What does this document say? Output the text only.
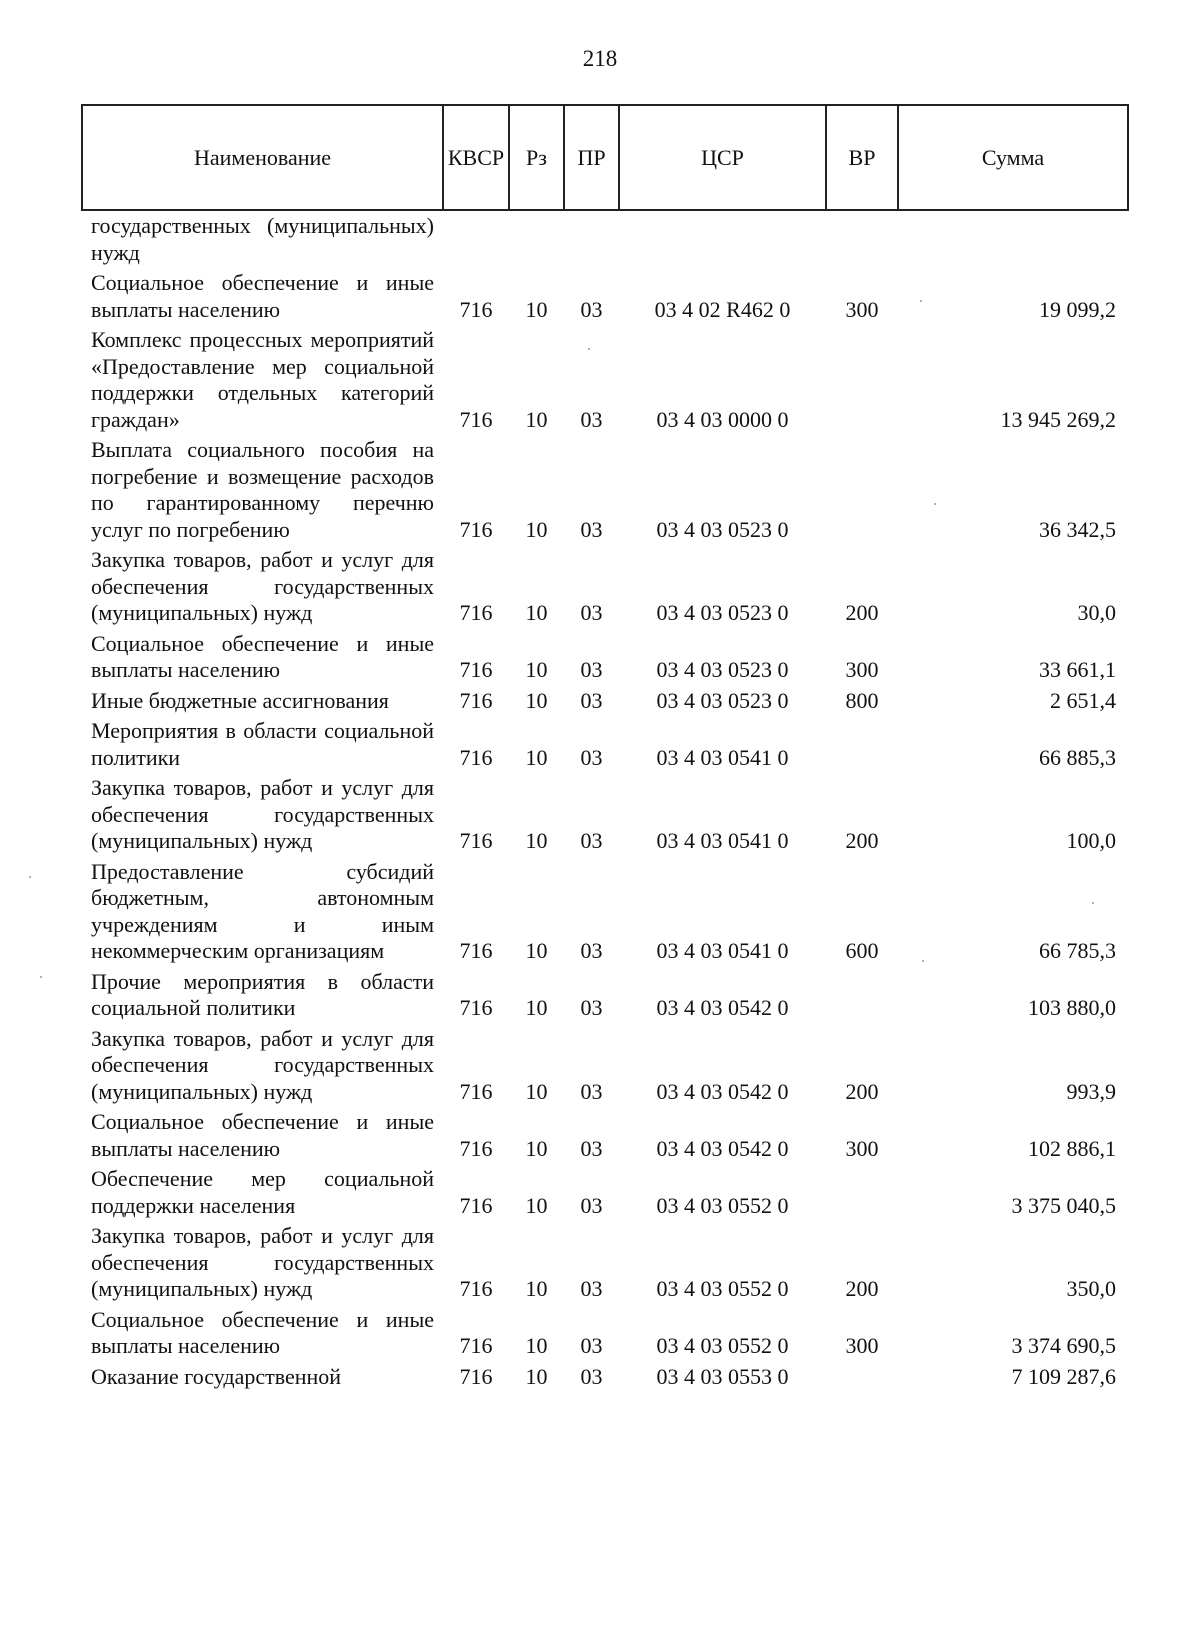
218
Наименование	КВСР	Рз	ПР	ЦСР	ВР	Сумма
государственных (муниципальных) нужд						
Социальное обеспечение и иные выплаты населению	716	10	03	03 4 02 R462 0	300	19 099,2
Комплекс процессных мероприятий «Предоставление мер социальной поддержки отдельных категорий граждан»	716	10	03	03 4 03 0000 0		13 945 269,2
Выплата социального пособия на погребение и возмещение расходов по гарантированному перечню услуг по погребению	716	10	03	03 4 03 0523 0		36 342,5
Закупка товаров, работ и услуг для обеспечения государственных (муниципальных) нужд	716	10	03	03 4 03 0523 0	200	30,0
Социальное обеспечение и иные выплаты населению	716	10	03	03 4 03 0523 0	300	33 661,1
Иные бюджетные ассигнования	716	10	03	03 4 03 0523 0	800	2 651,4
Мероприятия в области социальной политики	716	10	03	03 4 03 0541 0		66 885,3
Закупка товаров, работ и услуг для обеспечения государственных (муниципальных) нужд	716	10	03	03 4 03 0541 0	200	100,0
Предоставление субсидий бюджетным, автономным учреждениям и иным некоммерческим организациям	716	10	03	03 4 03 0541 0	600	66 785,3
Прочие мероприятия в области социальной политики	716	10	03	03 4 03 0542 0		103 880,0
Закупка товаров, работ и услуг для обеспечения государственных (муниципальных) нужд	716	10	03	03 4 03 0542 0	200	993,9
Социальное обеспечение и иные выплаты населению	716	10	03	03 4 03 0542 0	300	102 886,1
Обеспечение мер социальной поддержки населения	716	10	03	03 4 03 0552 0		3 375 040,5
Закупка товаров, работ и услуг для обеспечения государственных (муниципальных) нужд	716	10	03	03 4 03 0552 0	200	350,0
Социальное обеспечение и иные выплаты населению	716	10	03	03 4 03 0552 0	300	3 374 690,5
Оказание государственной	716	10	03	03 4 03 0553 0		7 109 287,6
